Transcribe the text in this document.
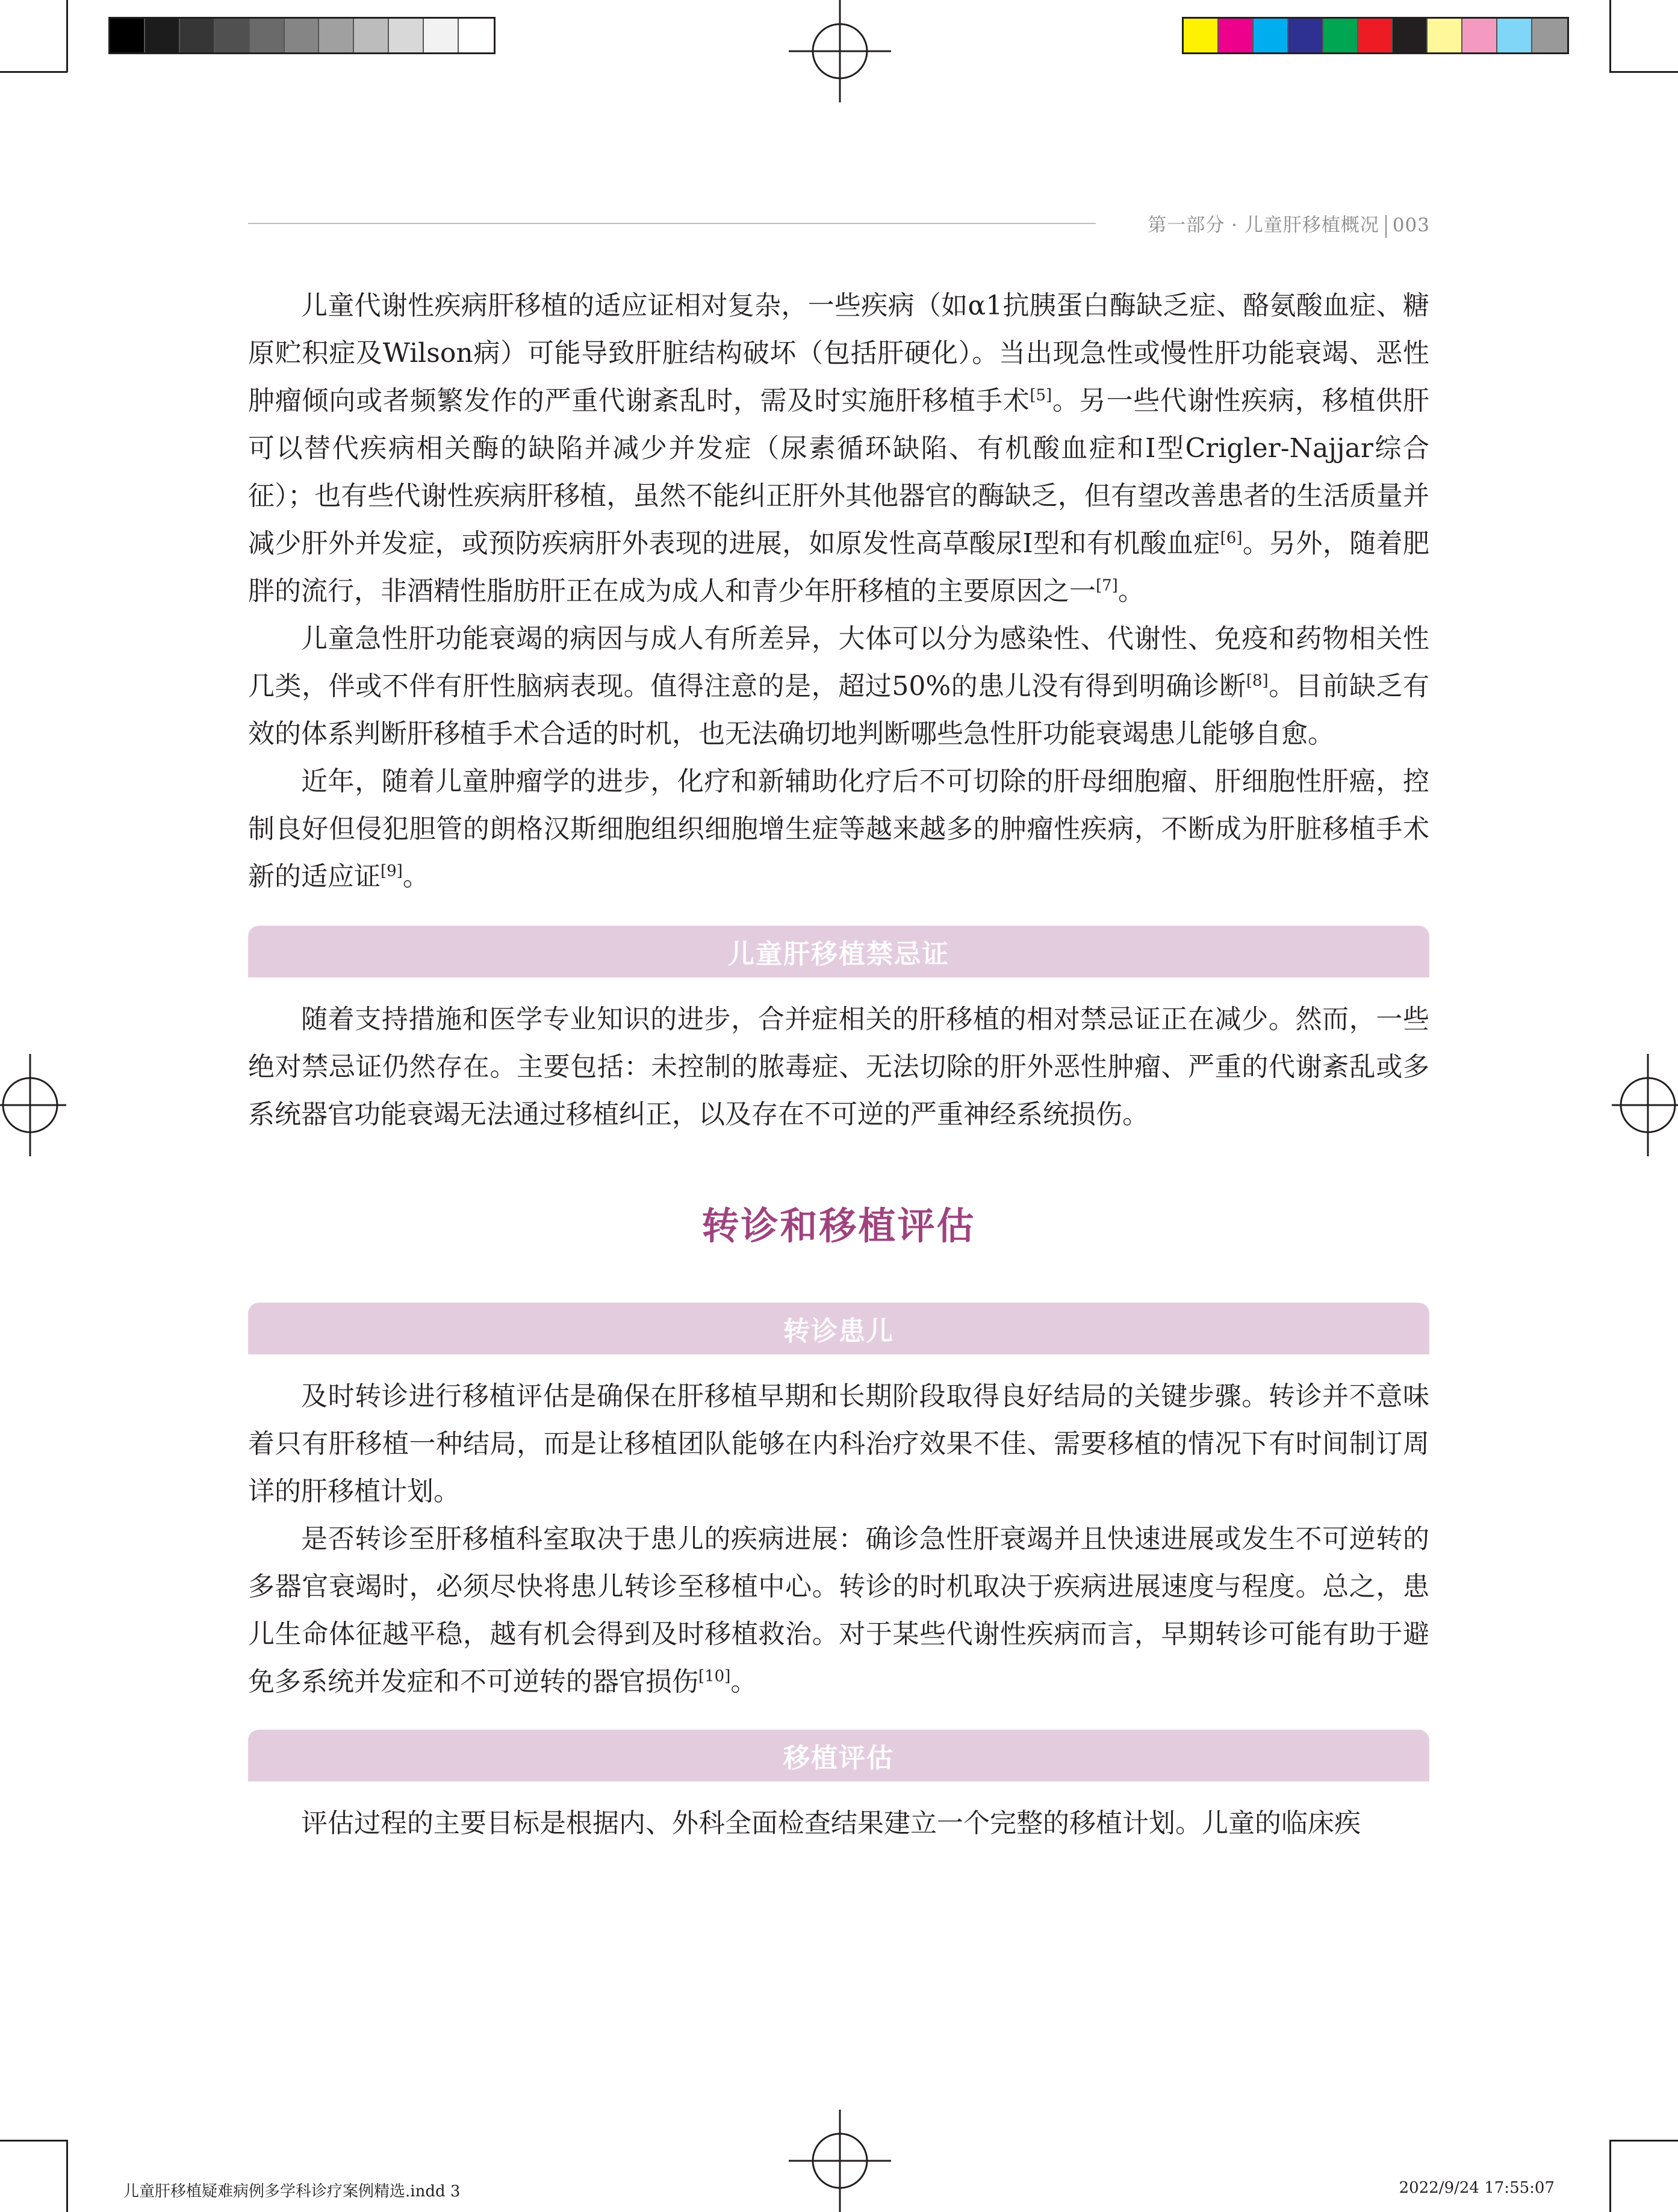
第一部分 · 儿童肝移植概况 003

儿童代谢性疾病肝移植的适应证相对复杂，一些疾病（如α1抗胰蛋白酶缺乏症、酪氨酸血症、糖原贮积症及Wilson病）可能导致肝脏结构破坏（包括肝硬化）。当出现急性或慢性肝功能衰竭、恶性肿瘤倾向或者频繁发作的严重代谢紊乱时，需及时实施肝移植手术[5]。另一些代谢性疾病，移植供肝可以替代疾病相关酶的缺陷并减少并发症（尿素循环缺陷、有机酸血症和Ⅰ型Crigler-Najjar综合征）；也有些代谢性疾病肝移植，虽然不能纠正肝外其他器官的酶缺乏，但有望改善患者的生活质量并减少肝外并发症，或预防疾病肝外表现的进展，如原发性高草酸尿Ⅰ型和有机酸血症[6]。另外，随着肥胖的流行，非酒精性脂肪肝正在成为成人和青少年肝移植的主要原因之一[7]。

儿童急性肝功能衰竭的病因与成人有所差异，大体可以分为感染性、代谢性、免疫和药物相关性几类，伴或不伴有肝性脑病表现。值得注意的是，超过50%的患儿没有得到明确诊断[8]。目前缺乏有效的体系判断肝移植手术合适的时机，也无法确切地判断哪些急性肝功能衰竭患儿能够自愈。

近年，随着儿童肿瘤学的进步，化疗和新辅助化疗后不可切除的肝母细胞瘤、肝细胞性肝癌，控制良好但侵犯胆管的朗格汉斯细胞组织细胞增生症等越来越多的肿瘤性疾病，不断成为肝脏移植手术新的适应证[9]。

儿童肝移植禁忌证

随着支持措施和医学专业知识的进步，合并症相关的肝移植的相对禁忌证正在减少。然而，一些绝对禁忌证仍然存在。主要包括：未控制的脓毒症、无法切除的肝外恶性肿瘤、严重的代谢紊乱或多系统器官功能衰竭无法通过移植纠正，以及存在不可逆的严重神经系统损伤。

转诊和移植评估
转诊患儿

及时转诊进行移植评估是确保在肝移植早期和长期阶段取得良好结局的关键步骤。转诊并不意味着只有肝移植一种结局，而是让移植团队能够在内科治疗效果不佳、需要移植的情况下有时间制订周详的肝移植计划。

是否转诊至肝移植科室取决于患儿的疾病进展：确诊急性肝衰竭并且快速进展或发生不可逆转的多器官衰竭时，必须尽快将患儿转诊至移植中心。转诊的时机取决于疾病进展速度与程度。总之，患儿生命体征越平稳，越有机会得到及时移植救治。对于某些代谢性疾病而言，早期转诊可能有助于避免多系统并发症和不可逆转的器官损伤[10]。

移植评估

评估过程的主要目标是根据内、外科全面检查结果建立一个完整的移植计划。儿童的临床疾

儿童肝移植疑难病例多学科诊疗案例精选.indd 3	2022/9/24 17:55:07
